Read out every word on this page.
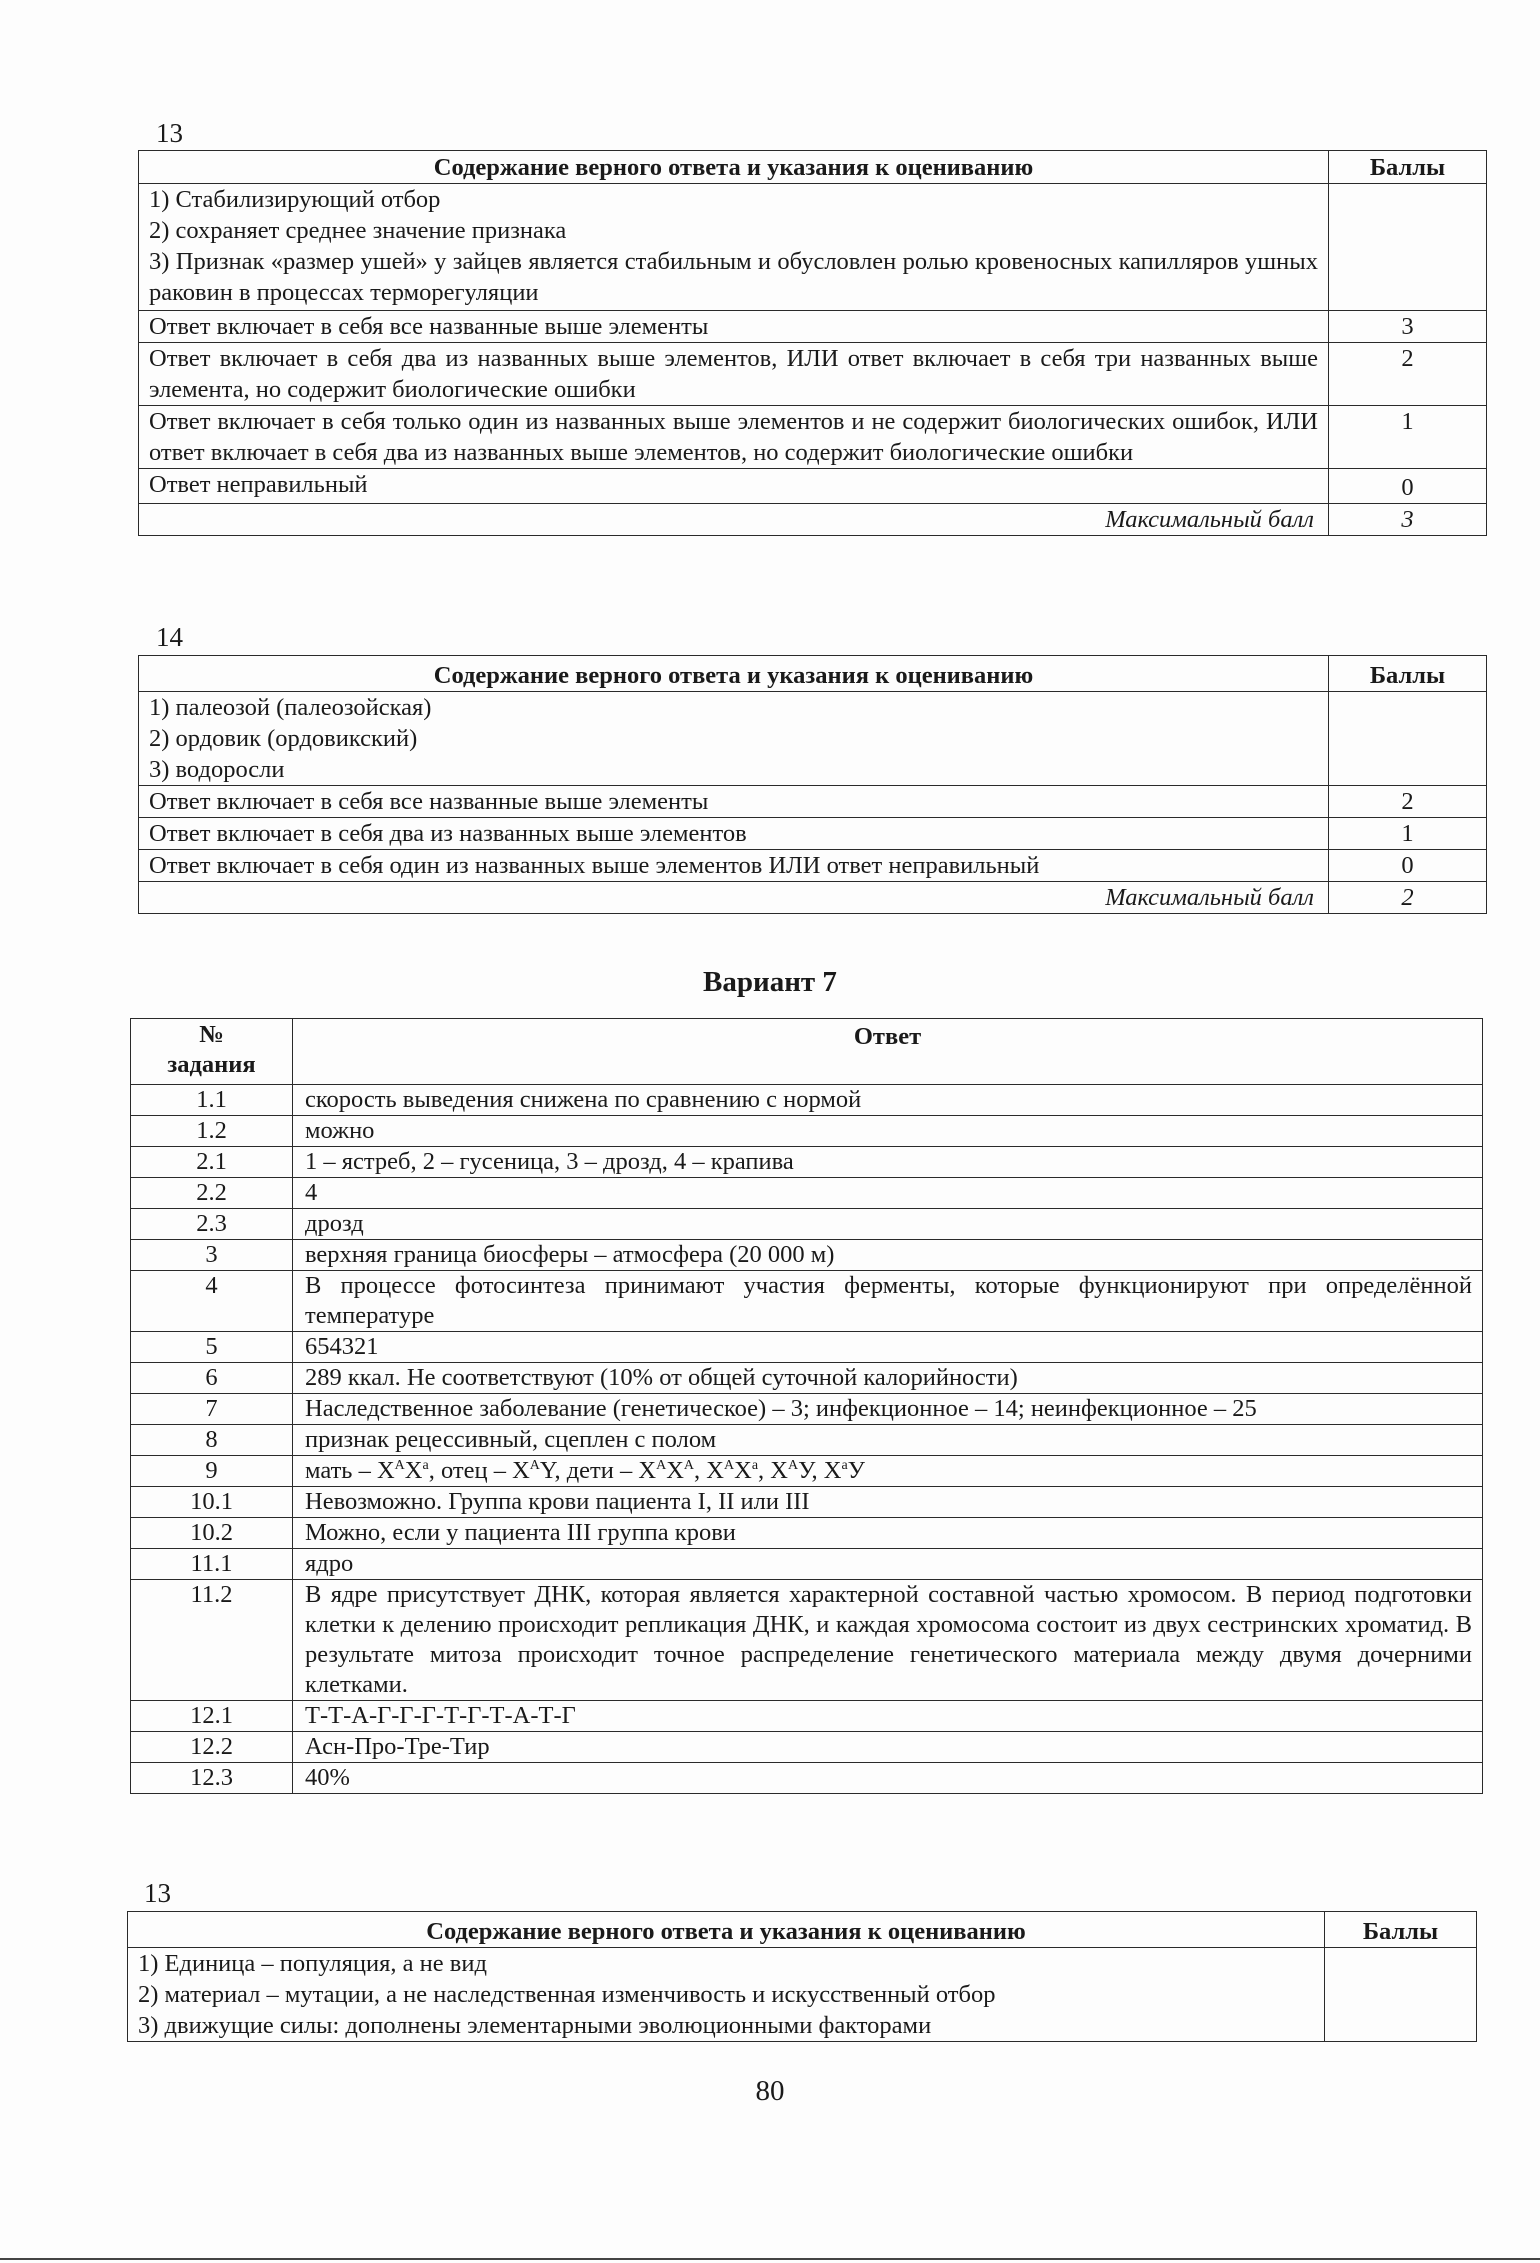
13
Содержание верного ответа и указания к оцениванию	Баллы

1) Стабилизирующий отбор
2) сохраняет среднее значение признака
3) Признак «размер ушей» у зайцев является стабильным и обусловлен ролью кровеносных капилляров ушных раковин в процессах терморегуляции	

Ответ включает в себя все названные выше элементы	3
Ответ включает в себя два из названных выше элементов, ИЛИ ответ включает в себя три названных выше элемента, но содержит биологические ошибки	2
Ответ включает в себя только один из названных выше элементов и не содержит биологических ошибок, ИЛИ ответ включает в себя два из названных выше элементов, но содержит биологические ошибки	1
Ответ неправильный	0
Максимальный балл	3
14
Содержание верного ответа и указания к оцениванию	Баллы

1) палеозой (палеозойская)
2) ордовик (ордовикский)
3) водоросли	

Ответ включает в себя все названные выше элементы	2
Ответ включает в себя два из названных выше элементов	1
Ответ включает в себя один из названных выше элементов ИЛИ ответ неправильный	0
Максимальный балл	2
Вариант 7
№
задания	Ответ
1.1	скорость выведения снижена по сравнению с нормой
1.2	можно
2.1	1 – ястреб, 2 – гусеница, 3 – дрозд, 4 – крапива
2.2	4
2.3	дрозд
3	верхняя граница биосферы – атмосфера (20 000 м)
4	В процессе фотосинтеза принимают участия ферменты, которые функционируют при определённой температуре
5	654321
6	289 ккал. Не соответствуют (10% от общей суточной калорийности)
7	Наследственное заболевание (генетическое) – 3; инфекционное – 14; неинфекционное – 25
8	признак рецессивный, сцеплен с полом
9	мать – $X^AX^a$, отец – $X^AY$, дети – $X^AX^A$, $X^AX^a$, $X^AУ$, $X^aУ$
10.1	Невозможно. Группа крови пациента I, II или III
10.2	Можно, если у пациента III группа крови
11.1	ядро
11.2	В ядре присутствует ДНК, которая является характерной составной частью хромосом. В период подготовки клетки к делению происходит репликация ДНК, и каждая хромосома состоит из двух сестринских хроматид. В результате митоза происходит точное распределение генетического материала между двумя дочерними клетками.
12.1	Т-Т-А-Г-Г-Г-Т-Г-Т-А-Т-Г
12.2	Асн-Про-Тре-Тир
12.3	40%
13
Содержание верного ответа и указания к оцениванию	Баллы

1) Единица – популяция, а не вид
2) материал – мутации, а не наследственная изменчивость и искусственный отбор
3) движущие силы: дополнены элементарными эволюционными факторами	

80
